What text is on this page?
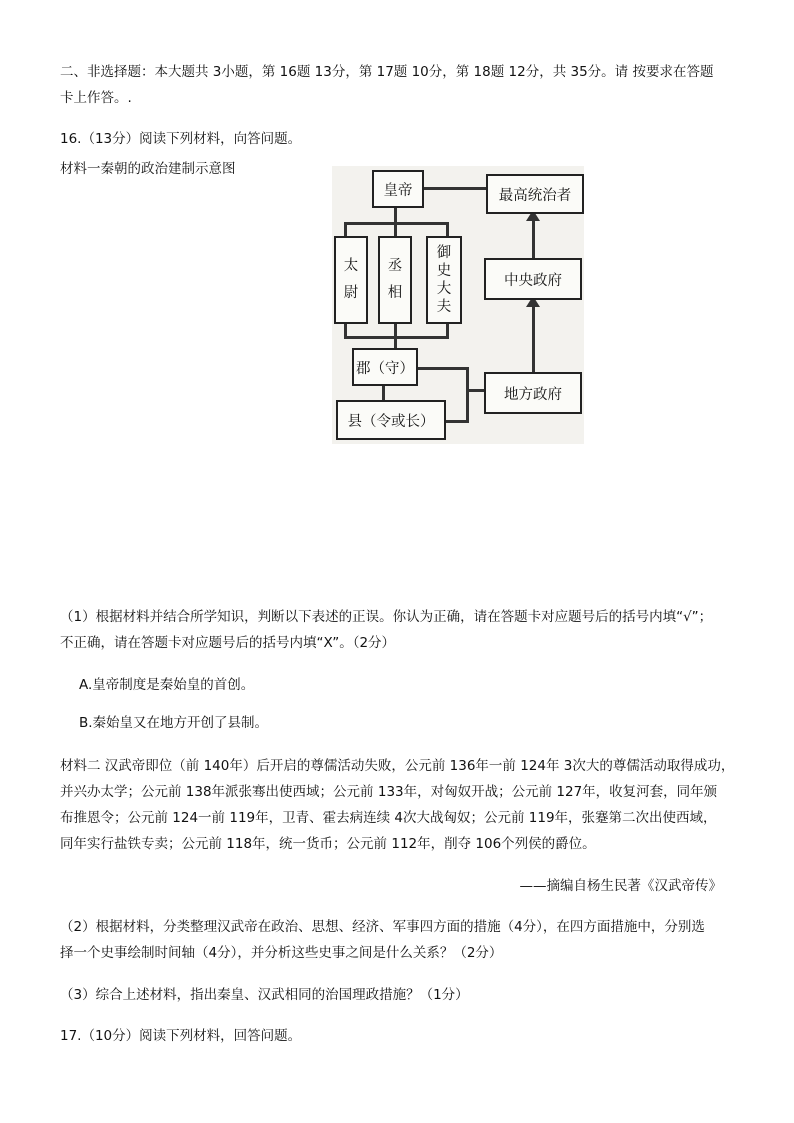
二、非选择题：本大题共 3小题，第 16题 13分，第 17题 10分，第 18题 12分，共 35分。请 按要求在答题
卡上作答。.
16.（13分）阅读下列材料，向答问题。
材料一秦朝的政治建制示意图
皇帝	最高统治者
太
尉
丞
相
御
史
大
夫
中央政府
郡（守）
地方政府
县（令或长）
（1）根据材料并结合所学知识，判断以下表述的正误。你认为正确，请在答题卡对应题号后的括号内填“√”；
不正确，请在答题卡对应题号后的括号内填“X”。（2分）
A.皇帝制度是秦始皇的首创。
B.秦始皇又在地方开创了县制。
材料二 汉武帝即位（前 140年）后开启的尊儒活动失败，公元前 136年一前 124年 3次大的尊儒活动取得成功，
并兴办太学；公元前 138年派张骞出使西域；公元前 133年，对匈奴开战；公元前 127年，收复河套，同年颁
布推恩令；公元前 124一前 119年，卫青、霍去病连续 4次大战匈奴；公元前 119年，张蹇第二次出使西域，
同年实行盐铁专卖；公元前 118年，统一货币；公元前 112年，削夺 106个列侯的爵位。
——摘编自杨生民著《汉武帝传》
（2）根据材料，分类整理汉武帝在政治、思想、经济、军事四方面的措施（4分），在四方面措施中，分别选
择一个史事绘制时间轴（4分），并分析这些史事之间是什么关系？（2分）
（3）综合上述材料，指出秦皇、汉武相同的治国理政措施？（1分）
17.（10分）阅读下列材料，回答问题。
